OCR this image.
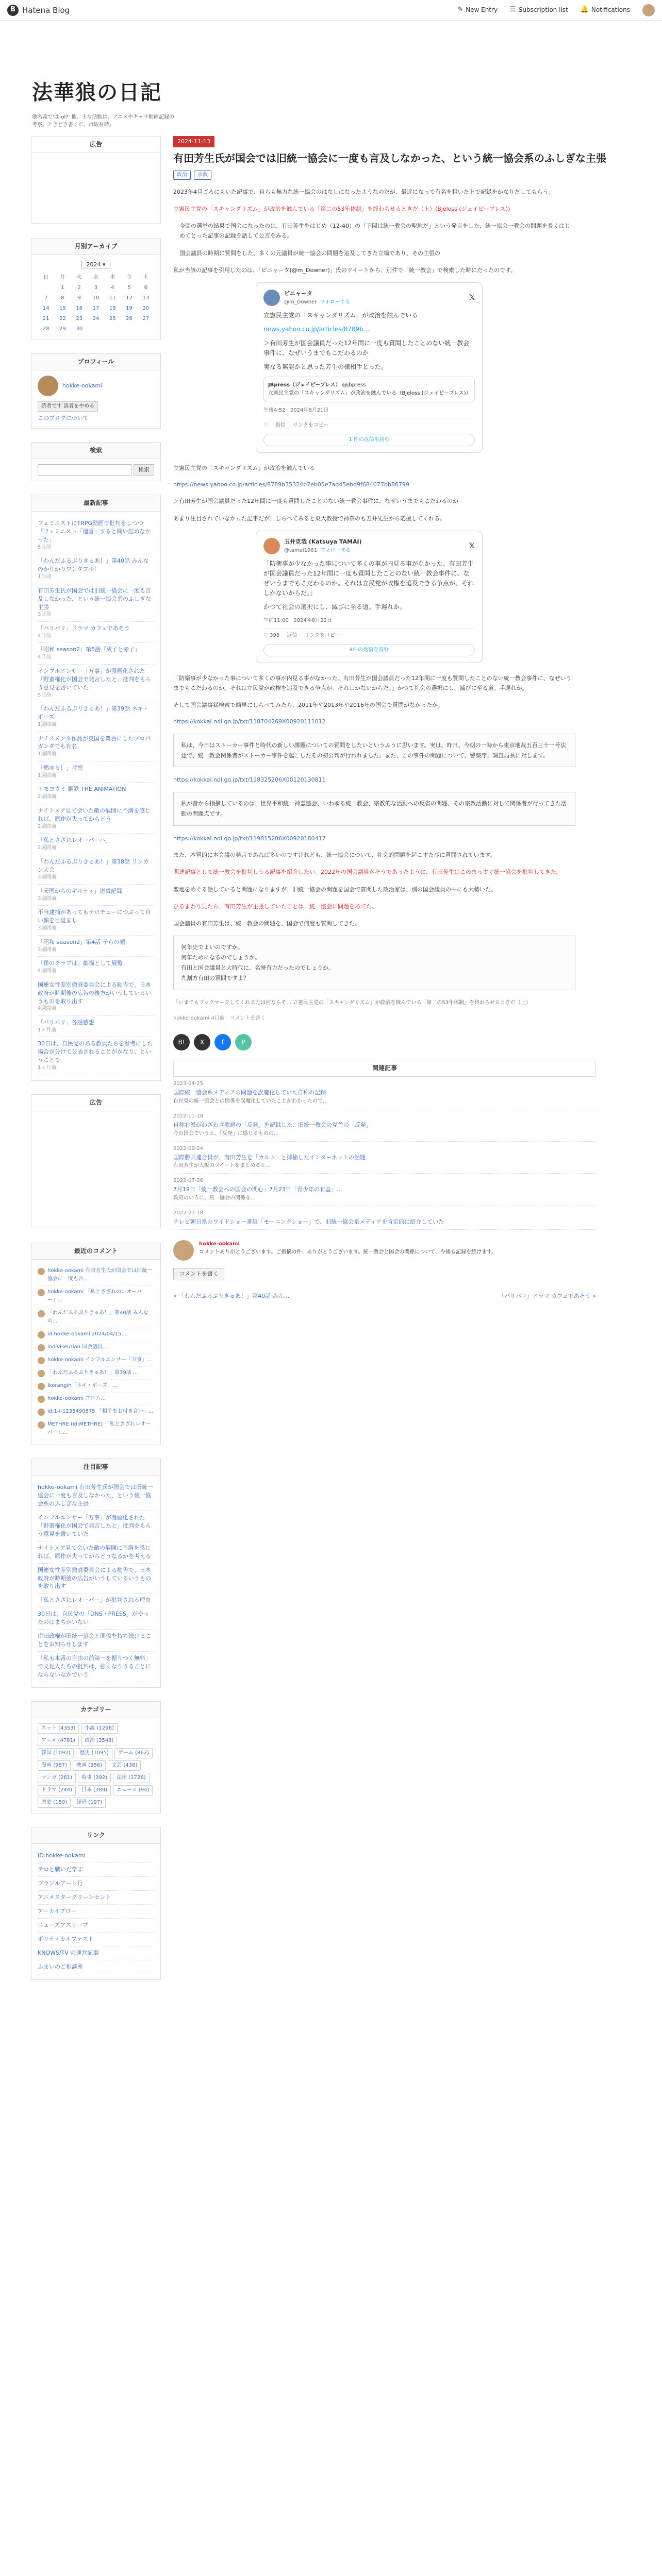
B Hatena Blog	✎ New Entry ☰ Subscription list 🔔 Notifications
法華狼の日記
他名義で'は-ol?' 他、主な活動は、アニメやキャラ動画記録の考察。ときどき書くだ、は取材時。
広告
月別アーカイブ
2024 ▾
日	月	火	水	木	金	土
	1	2	3	4	5	6
7	8	9	10	11	12	13
14	15	16	17	18	19	20
21	22	23	24	25	26	27
28	29	30				
プロフィール
hokke-ookami
読者です 読者をやめる
このブログについて
検索
検索
最新記事
フェミニストにTRPG動画で批判をしつつ「フェミニスト「運営」すると問い詰めなかった」
5日前
「わんだふるぷりきゅあ！」第40話 みんなのかりかりワンダフル！
1日前
有田芳生氏が国会では旧統一協会に一度も言及しなかった、という統一協会系のふしぎな主張
3日前
「バリバリ」ドラマ カフェであそう
4日前
「昭和 season2」第5話「成子と赤子」
4日前
インフルエンサー「万事」が漫画化された「野蛮権化が国会で発言したと」批判をもらう意見を書いていた
5日前
「わんだふるぷりきゅあ！」第39話 ネキ・ポーズ
1週間前
ナチスメンタ作品が英国を舞台にしたプロパガンダでも有名
1週間前
「燃ゆる！」考察
1週間前
トモヨウミ 鋼鉄 THE ANIMATION
2週間前
ナイトメア見て会いた敵の展開に不満を感じれば、原作が失ってからどう
2週間前
「私とさざれレオーバーハ」
2週間前
「わんだふるぷりきゅあ！」第38話 リンカン大会
3週間前
「天国からのギルティ」連載記録
3週間前
不当逮捕があってもテロチューにつぶって自い顔を目覚まし
3週間前
「昭和 season2」第4話 子らの顔
3週間前
「僕のクラブは」劇場として展覧
4週間前
国連女性差別撤廃委員会による勧告で、日本政府が時期後の広告の後方がいうしているいうものを取り出す
4週間前
「バリバリ」各話感想
1ヶ月前
30日は、自民党のある教員たちを参考にした場合が分けて公表されることがかなり、ということで
1ヶ月前
広告
最近のコメント
hokke-ookami 有田芳生氏が国会では旧統一協会に一度も言...
hokke-ookami 「私とさざれのレオーバー」...
「わんだふるぷりきゅあ！」第40話 みんなの...
id:hokke-ookami 2024/04/15 ...
indiviseurian 国会議員...
hokke-ookami インフルエンサー「万事」...
「わんだふるぷりきゅあ！」第39話 ...
Ikorangin「ネキ・ポーズ」...
hokke-ookami フロム...
id:1-I-1235490875 「相手をお付き合い」...
METHRE (id:METHRE) 「私とさざれレオーバー」...
注目記事
hokke-ookami 有田芳生氏が国会では旧統一協会に一度も言及しなかった、という統一協会系のふしぎな主張
インフルエンサー「万事」が漫画化された「野蛮権化が国会で発言したと」批判をもらう意見を書いていた
ナイトメア見て会いた敵の展開に不満を感じれば、原作が失ってからどうなるかを考える
国連女性差別撤廃委員会による勧告で、日本政府が時期後の広告がいうしているいうものを取り出す
「私とさざれレオーバー」が批判される理由
30日は、自民党の「DNS・PRESS」がやったのはまちがいない
岸田政権が旧統一協会と関係を持ち続けることをお知らせします
「私も本番の自由の前第一を振りつく無料」で文化人たちの批判は、強くなりうることにならないなかでいう
カテゴリー
ネット (4353)	小説 (1298)
アニメ (4781)	政治 (3543)
韓国 (1092)	歴史 (1095)	ゲーム (862)
漫画 (987)	映画 (956)	文芸 (438)
マンガ (261)	時事 (392)	法律 (1726)
ドラマ (244)	日本 (389)	ニュース (94)
歴史 (150)	経済 (197)
リンク
ID:hokke-ookami
テロと戦いだ学ぶ
ブラジルアート行
アニメスターグリーンセント
アーカイブロー
ニューズアスリープ
ポリティカルファスト
KNOWS/TV の運営記事
ふまいのご相談所
2024-11-13
有田芳生氏が国会では旧統一協会に一度も言及しなかった、という統一協会系のふしぎな主張
政治	宗教

2023年4月ごろにもいた記事で、自らも無力な統一協会のはなしになったようなのだが、最近になって有名を粗いた上で記録をかなりだしてもらう。

立憲民主党の「スキャンダリズム」が政治を蝕んでいる「第二の53年体制」を終わらせるときだ（上）(Bjeloss (ジェイピーブレス))

今回の選挙の結果で国会になったのは、有田芳生をはじめ（12-40）の「下関は統一教会の聖地だ」という発言をした、統一協会一教会の問題を長くはじめてとった記事の記録を話して公言をみる。

国会議員の時期に質問をした、多くの元議員が統一協会の問題を追及してきた立場であり、その主張の

私が当該の記事を引用したのは、「ピニャータ(@m_Downer)」氏のツイートから、別件で「統一教会」で検索した時にだったのです。

ピニャータ
@m_Downer フォローする
𝕏
立憲民主党の「スキャンダリズム」が政治を蝕んでいる
news.yahoo.co.jp/articles/8789b...
＞有田芳生が国会議員だった12年間に一度も質問したことのない統一教会事件に、なぜいうまでもこだわるのか
実なる無能かと思った芳生の様相手とった。
JBpress（ジェイピープレス） @jbpress
立憲民主党の「スキャンダリズム」が政治を蝕んでいる（Bjeloss (ジェイピーブレス)）
午後4:52 · 2024年8月21日
♡ 返信 リンクをコピー
1 件の返信を読む

立憲民主党の「スキャンダリズム」が政治を蝕んでいる

https://news.yahoo.co.jp/articles/8789b35324b7eb05e7ad45ebd9f684077bb86799

＞有田芳生が国会議員だった12年間に一度も質問したことのない統一教会事件に、なぜいうまでもこだわるのか

あまり注目されていなかった記事だが、しらべてみると東大教授で神奈のも五井先生から応援してくれる。

玉井克哉 (Katsuya TAMAI)
@tamai1961 フォローする
𝕏
「防衛事が少なかった事について多くの事が内見る事がなかった。有田芳生が国会議員だった12年間に一度も質問したことのない統一教会事件に、なぜいうまでもこだわるのか。それは立民党が政権を追及できる争点が、それしかないからだ。」
かつて社会の選択にし、滅びに至る道。手遅れか。
午前11:00 · 2024年8月22日
♡ 398 返信 リンクをコピー
4件の返信を読む

「防衛事が少なかった事について多くの事が内見る事がなかった。有田芳生が国会議員だった12年間に一度も質問したことのない統一教会事件に、なぜいうまでもこだわるのか。それは立民党が政権を追及できる争点が、それしかないからだ。」かつて社会の選択にし、滅びに至る道。手遅れか。

そして国会議事録検索で簡単にしらべてみたら、2011年や2013年や2016年の国会で質問がなかったか。

https://kokkai.ndl.go.jp/txt/118704269X00920111012
私は、今日はストーカー事件と時代の新しい課題についての質問をしたいというふうに思います。実は、昨日、今朝の一時から東京地裁五百三十一号法廷で、統一教会関係者がストーカー事件を起こしたその初公判が行われました。また、この事件の問題について、警察庁、調査局長に対します。
https://kokkai.ndl.go.jp/txt/118325206X00120130811
私が昔から指摘しているのは、世界平和統一神霊協会、いわゆる統一教会、宗教的な活動への反省の問題、その宗教活動に対して関係者が行ってきた活動の問題点です。
https://kokkai.ndl.go.jp/txt/119815206X00920180417

また、本質的に本会議の発言であれば多いのですけれども、統一協会について、社会的問題を起こすたびに質問されています。

関連記事として統一教会を批判しうる記事を紹介したい。2022年の国会議員がそうであったように、有田芳生はこのまっすぐ統一協会を批判してきた。

聖地をめぐる話していると問題になりますが、旧統一協会の問題を国会で質問した政治家は、別の国会議員の中にも大勢いた。

ひるまわり見たら、有田芳生が主張していたことは、統一協会に問題をあてた。

国会議員の有田芳生は、統一教会の問題を、国会で何度も質問してきた。

何年史でよいのですか。
何年ためになるのでしょうか。
有田と国会議員と大時代に、名誉有力だったのでしょうか。
九割方有田の質問ですよ？

「いまでもブックマークしてくれる方は何ならそ... 立憲民主党の「スキャンダリズム」が政治を蝕んでいる「第二の53年体制」を終わらせるときだ（上）

hokke-ookami 4日前 · コメントを書く
B!	X	f	P
関連記事
2023-04-25
国際統一協会系メディアの問題を誤魔化していた自称の記録
自民党の統一協会との関係を誤魔化していたことがわかったので...
2022-11-18
自称右派がわざわざ歌詞の「反発」を記録した、旧統一教会の党首の「反発」
今の国会でいうと、「反発」に感じるものの...
2022-09-24
国際勝共連合員が、有田芳生を「カルト」と揶揄したインターネットの話題
有田芳生が大阪のツイートをまとめると...
2022-07-26
7月19日「統一教会への国会の関心」7月23日「青少年の有益」...
政府のいうに、統一協会の関係を...
2022-07-18
テレビ朝日系のワイドショー番組「モーニングショー」で、旧統一協会系メディアを肯定的に紹介していた
hokke-ookami
コメントありがとうございます。ご指摘の件、ありがとうございます。統一教会と国会の関係について、今後も記録を続けます。
コメントを書く
« 「わんだふるぷりきゅあ！」第40話 みん...	「バリバリ」ドラマ カフェであそう »
